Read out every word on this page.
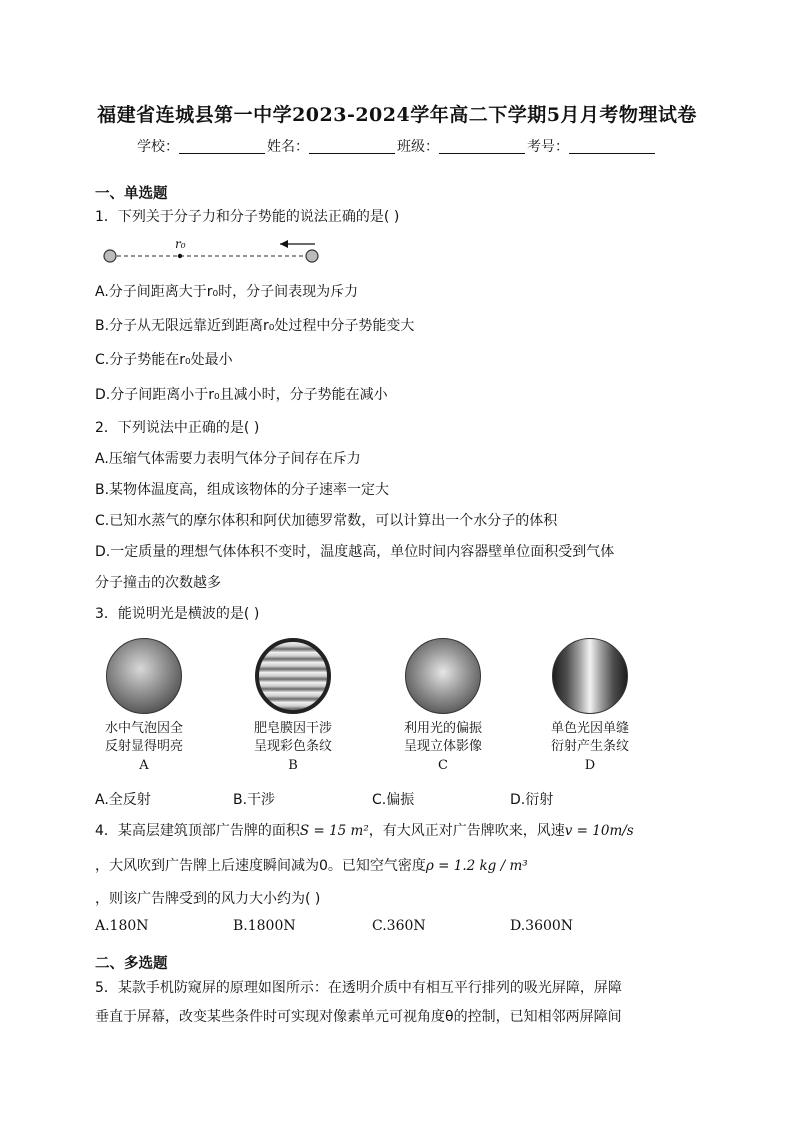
福建省连城县第一中学2023-2024学年高二下学期5月月考物理试卷
学校：	姓名：	班级：	考号：
一、单选题
1．下列关于分子力和分子势能的说法正确的是( )
r₀
A.分子间距离大于r₀时，分子间表现为斥力
B.分子从无限远靠近到距离r₀处过程中分子势能变大
C.分子势能在r₀处最小
D.分子间距离小于r₀且减小时，分子势能在减小
2．下列说法中正确的是( )
A.压缩气体需要力表明气体分子间存在斥力
B.某物体温度高，组成该物体的分子速率一定大
C.已知水蒸气的摩尔体积和阿伏加德罗常数，可以计算出一个水分子的体积
D.一定质量的理想气体体积不变时，温度越高，单位时间内容器壁单位面积受到气体
分子撞击的次数越多
3．能说明光是横波的是( )
水中气泡因全
反射显得明亮
A
肥皂膜因干涉
呈现彩色条纹
B
利用光的偏振
呈现立体影像
C
单色光因单缝
衍射产生条纹
D
A.全反射	B.干涉	C.偏振	D.衍射
4．某高层建筑顶部广告牌的面积S = 15 m²，有大风正对广告牌吹来，风速v = 10m/s
，大风吹到广告牌上后速度瞬间减为0。已知空气密度ρ = 1.2 kg / m³
，则该广告牌受到的风力大小约为( )
A.180N	B.1800N	C.360N	D.3600N
二、多选题
5．某款手机防窥屏的原理如图所示：在透明介质中有相互平行排列的吸光屏障，屏障
垂直于屏幕，改变某些条件时可实现对像素单元可视角度θ的控制，已知相邻两屏障间
